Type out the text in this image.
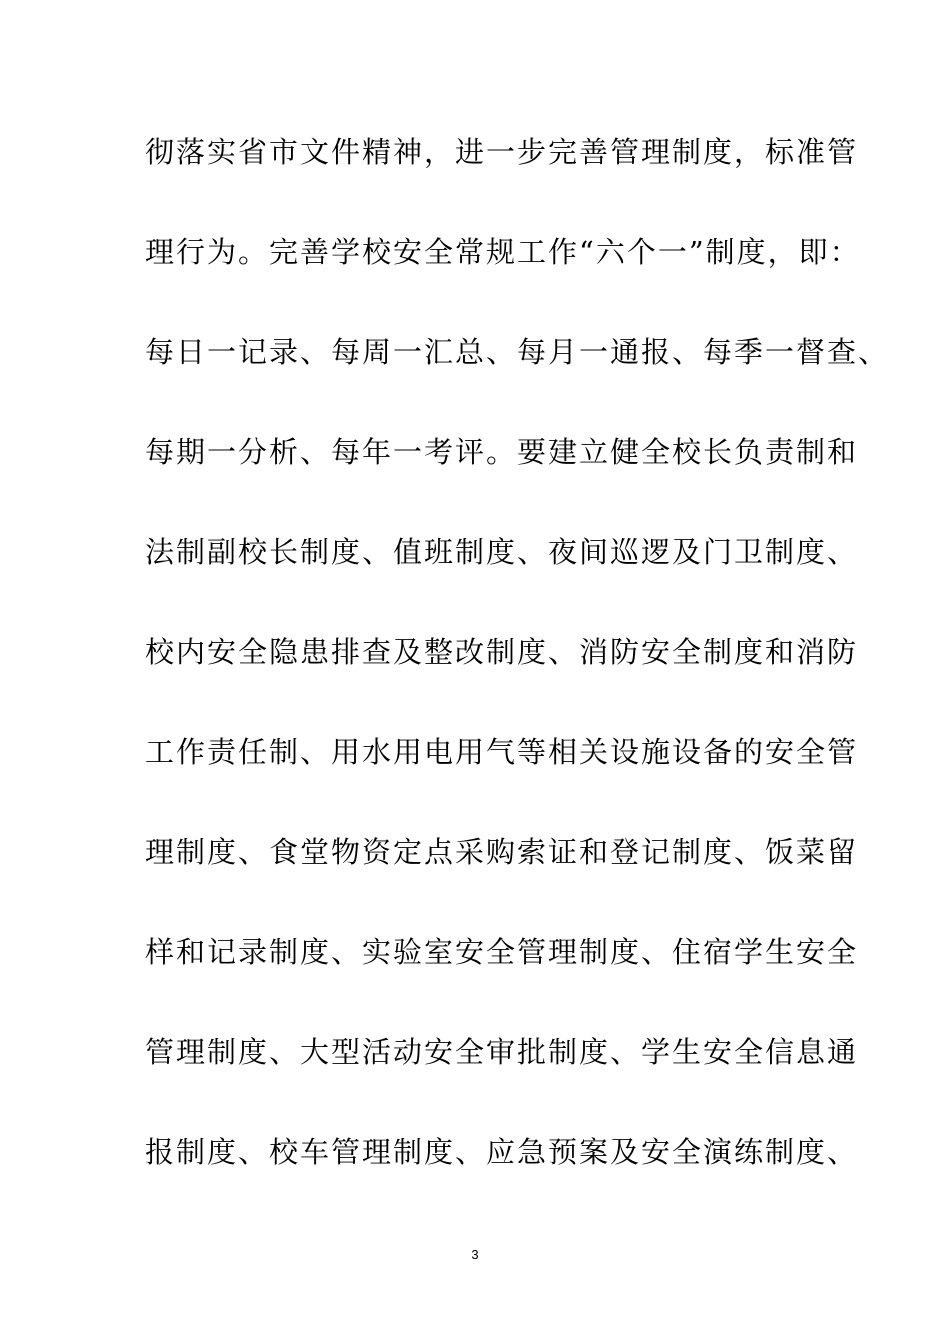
彻落实省市文件精神，进一步完善管理制度，标准管
理行为。完善学校安全常规工作“六个一”制度，即：
每日一记录、每周一汇总、每月一通报、每季一督查、
每期一分析、每年一考评。要建立健全校长负责制和
法制副校长制度、值班制度、夜间巡逻及门卫制度、
校内安全隐患排查及整改制度、消防安全制度和消防
工作责任制、用水用电用气等相关设施设备的安全管
理制度、食堂物资定点采购索证和登记制度、饭菜留
样和记录制度、实验室安全管理制度、住宿学生安全
管理制度、大型活动安全审批制度、学生安全信息通
报制度、校车管理制度、应急预案及安全演练制度、
3
